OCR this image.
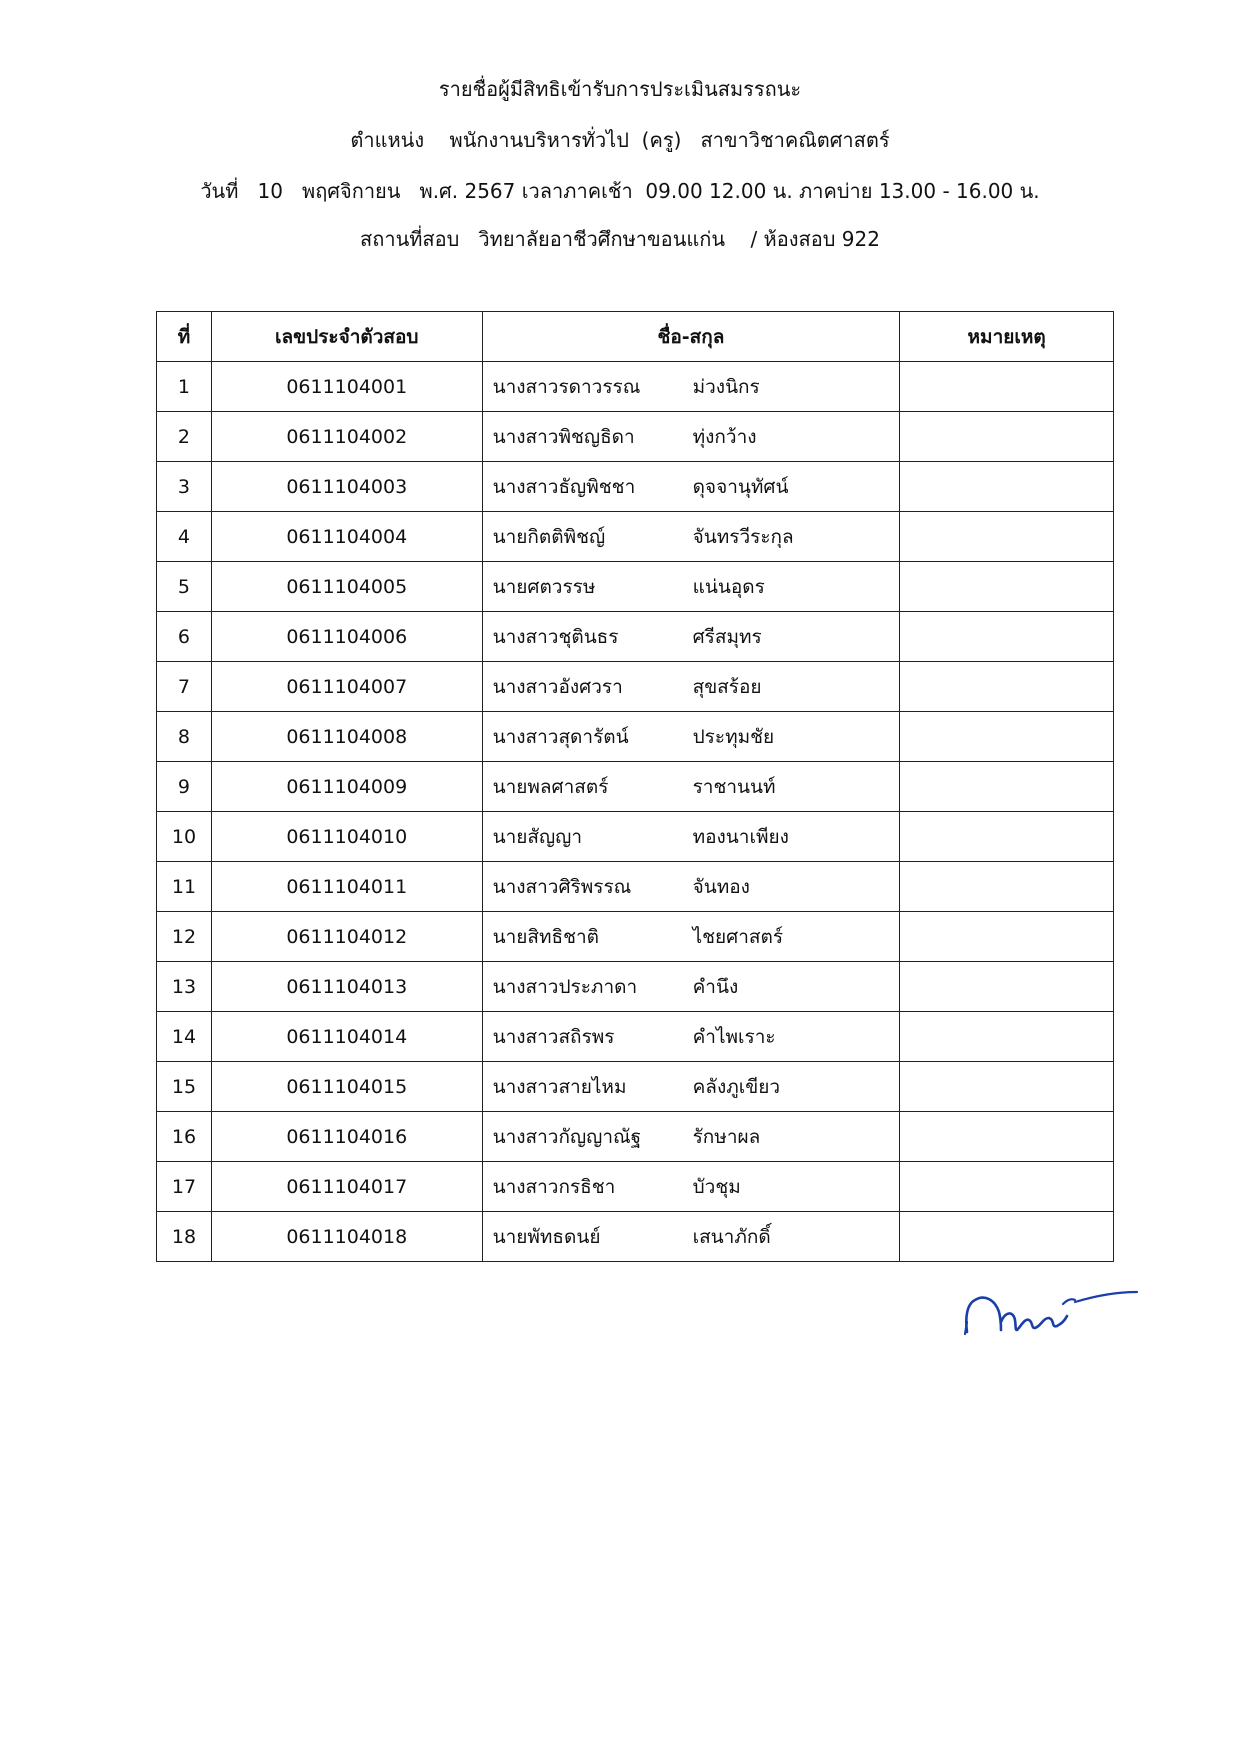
รายชื่อผู้มีสิทธิเข้ารับการประเมินสมรรถนะ
ตำแหน่ง    พนักงานบริหารทั่วไป  (ครู)   สาขาวิชาคณิตศาสตร์
วันที่   10   พฤศจิกายน   พ.ศ. 2567 เวลาภาคเช้า  09.00 12.00 น. ภาคบ่าย 13.00 - 16.00 น.
สถานที่สอบ   วิทยาลัยอาชีวศึกษาขอนแก่น    / ห้องสอบ 922
ที่	เลขประจำตัวสอบ	ชื่อ-สกุล	หมายเหตุ
1	0611104001	นางสาวรดาวรรณ ม่วงนิกร	

2	0611104002	นางสาวพิชญธิดา ทุ่งกว้าง	

3	0611104003	นางสาวธัญพิชชา ดุจจานุทัศน์	

4	0611104004	นายกิตติพิชญ์ จันทรวีระกุล	

5	0611104005	นายศตวรรษ แน่นอุดร	

6	0611104006	นางสาวชุตินธร ศรีสมุทร	

7	0611104007	นางสาวอังศวรา สุขสร้อย	

8	0611104008	นางสาวสุดารัตน์ ประทุมชัย	

9	0611104009	นายพลศาสตร์ ราชานนท์	

10	0611104010	นายสัญญา ทองนาเพียง	

11	0611104011	นางสาวศิริพรรณ จันทอง	

12	0611104012	นายสิทธิชาติ ไชยศาสตร์	

13	0611104013	นางสาวประภาดา คำนึง	

14	0611104014	นางสาวสถิรพร คำไพเราะ	

15	0611104015	นางสาวสายไหม คลังภูเขียว	

16	0611104016	นางสาวกัญญาณัฐ รักษาผล	

17	0611104017	นางสาวกรธิชา บัวชุม	

18	0611104018	นายพัทธดนย์ เสนาภักดิ์	
